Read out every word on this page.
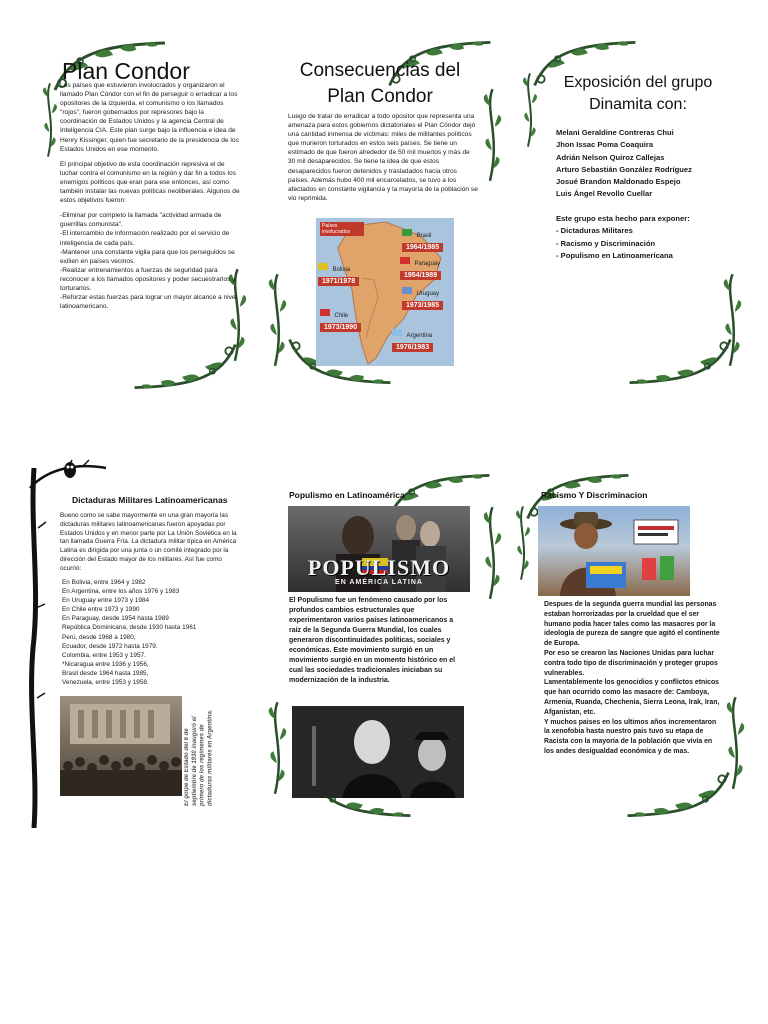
Plan Condor

Los países que estuvieron involucrados y organizaron el llamado Plan Cóndor con el fin de perseguir o erradicar a los opositores de la izquierda, el comunismo o los llamados "rojos", fueron gobernados por represores bajo la coordinación de Estados Unidos y la agencia Central de Inteligencia CIA. Este plan surge bajo la influencia e idea de Henry Kissinger, quien fue secretario de la presidencia de los Estados Unidos en ese momento.

El principal objetivo de esta coordinación represiva el de luchar contra el comunismo en la región y dar fin a todos los enemigos políticos que eran para ese entonces, así como también instalar las nuevas políticas neoliberales. Algunos de estos objetivos fueron:

-Eliminar por completo la llamada "actividad armada de guerrillas comunista".
-El intercambio de información realizado por el servicio de inteligencia de cada país.
-Mantener una constante vigila para que los perseguidos se exilien en países vecinos.
-Realizar entrenamientos a fuerzas de seguridad para reconocer a los llamados opositores y poder secuestrarlos y torturarlos.
-Reforzar estas fuerzas para lograr un mayor alcance a nivel latinoamericano.

Consecuencias del
Plan Condor
Luego de tratar de erradicar a todo opositor que representa una amenaza para estos gobiernos dictatoriales el Plan Cóndor dejó una cantidad inmensa de víctimas: miles de militantes políticos que murieron torturados en estos seis países. Se tiene un estimado de que fueron alrededor de 50 mil muertos y más de 30 mil desaparecidos. Se tiene la idea de que estos desaparecidos fueron detenidos y trasladados hacia otros países. Además hubo 400 mil encarcelados, se tuvo a los afectados en constante vigilancia y la mayoría de la población se vio reprimida.
Países involucrados
Brasil
1964/1985
Bolivia
1971/1978
Paraguay
1954/1989
Uruguay
1973/1985
Chile
1973/1990
Argentina
1976/1983
Exposición del grupo
Dinamita con:
Melani Geraldine Contreras Chui
Jhon Issac Poma Coaquira
Adrián Nelson Quiroz Callejas
Arturo Sebastián González Rodríguez
Josué Brandon Maldonado Espejo
Luis Ángel Revollo Cuellar
Este grupo esta hecho para exponer:
- Dictaduras Militares
- Racismo y Discriminación
- Populismo en Latinoamericana
Dictaduras Militares Latinoamericanas
Bueno como se sabe mayormente en una gran mayoría las dictaduras militares latinoamericanas fueron apoyadas por Estados Unidos y en menor parte por La Unión Soviética en la tan llamada Guerra Fría. La dictadura militar típica en América Latina es dirigida por una junta o un comité integrado por la dirección del Estado mayor de los militares. Así fue como ocurrió:
En Bolivia, entre 1964 y 1982
En Argentina, entre los años 1976 y 1983
En Uruguay entre 1973 y 1984
En Chile entre 1973 y 1990
En Paraguay, desde 1954 hasta 1989
República Dominicana, desde 1930 hasta 1961
Perú, desde 1968 a 1980,
Ecuador, desde 1972 hasta 1979.
Colombia, entre 1953 y 1957.
*Nicaragua entre 1936 y 1956,
Brasil desde 1964 hasta 1985,
Venezuela, entre 1953 y 1958.
El golpe de Estado del 6 de septiembre de 1930 inauguró el primero de los regímenes de dictaduras militares en Argentina.
Populismo en Latinoamérica
POPULISMO
EN AMÉRICA LATINA
El Populismo fue un fenómeno causado por los profundos cambios estructurales que experimentaron varios países latinoamericanos a raíz de la Segunda Guerra Mundial, los cuales generaron discontinuidades políticas, sociales y económicas. Este movimiento surgió en un movimiento surgió en un momento histórico en el cual las sociedades tradicionales iniciaban su modernización de la industria.
Racismo Y Discriminacion

Despues de la segunda guerra mundial las personas estaban horrorizadas por la crueldad que el ser humano podía hacer tales como las masacres por la ideología de pureza de sangre que agitó el continente de Europa.

Por eso se crearon las Naciones Unidas para luchar contra todo tipo de discriminación y proteger grupos vulnerables.

Lamentablemente los genocidios y conflictos etnicos que han ocurrido como las masacre de: Camboya, Armenia, Ruanda, Chechenia, Sierra Leona, Irak, Iran, Afganistan, etc.

Y muchos paises en los ultimos años incrementaron la xenofobia hasta nuestro pais tuvo su etapa de Racista con la mayoría de la población que vivía en los andes desigualdad económica y de mas.
